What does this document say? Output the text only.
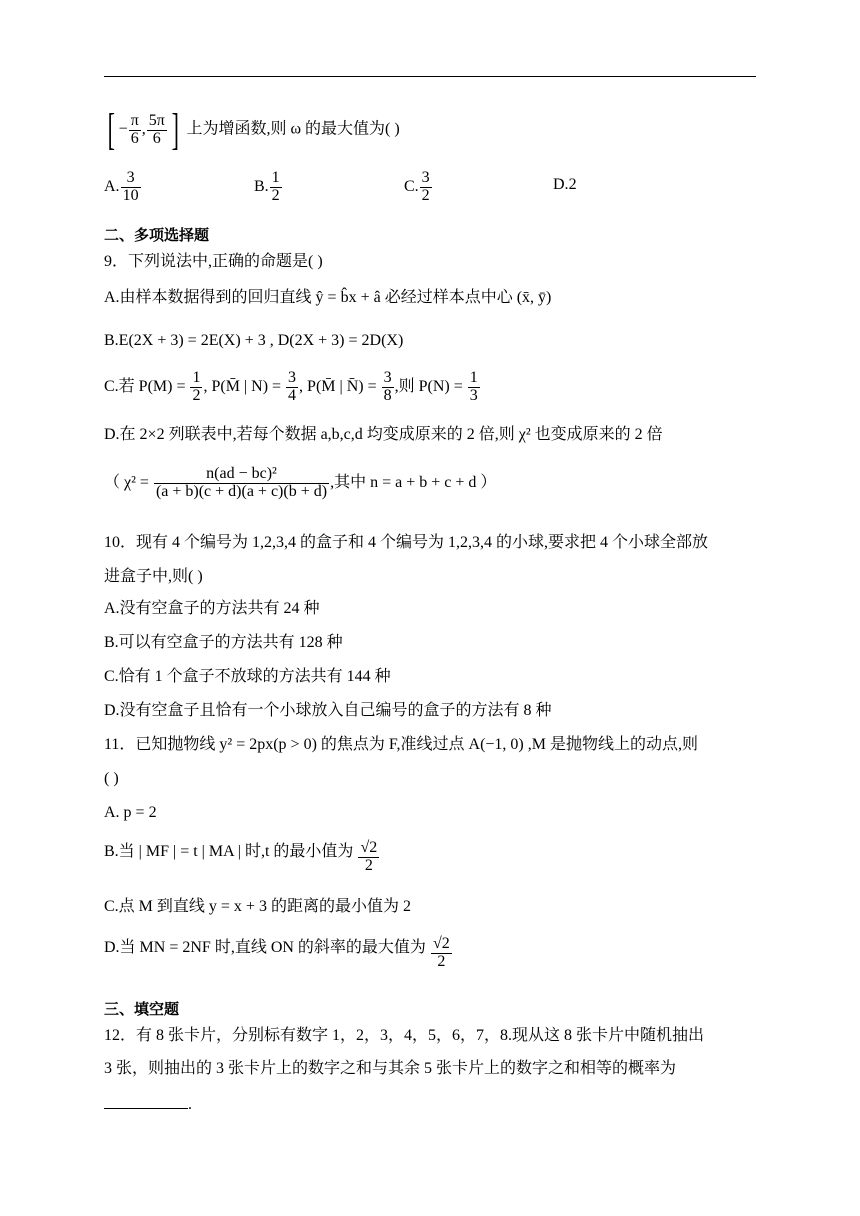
[ − $\frac{\pi}{6}$ , $\frac{5\pi}{6}$ ] 上为增函数,则 ω 的最大值为( )
A. $\frac{3}{10}$	B. $\frac{1}{2}$	C. $\frac{3}{2}$	D.2
二、多项选择题
9．下列说法中,正确的命题是( )
A.由样本数据得到的回归直线 ŷ = b̂x + â 必经过样本点中心 (x̄, ȳ)
B.E(2X + 3) = 2E(X) + 3 , D(2X + 3) = 2D(X)
C.若 $P(M) = \frac{1}{2}$ , P(M̄ | $N) = \frac{3}{4}$ , P(M̄ | N̄) = $\frac{3}{8}$ ,则 $P(N) = \frac{1}{3}$
D.在 2×2 列联表中,若每个数据 a,b,c,d 均变成原来的 2 倍,则 χ² 也变成原来的 2 倍
（ $\chi^2 = \frac{\text{n(ad − bc)²}}{(a + b)(c + d)(a + c)(b + d)}$ ,其中 n = a + b + c + d ）
10．现有 4 个编号为 1,2,3,4 的盒子和 4 个编号为 1,2,3,4 的小球,要求把 4 个小球全部放
进盒子中,则( )
A.没有空盒子的方法共有 24 种
B.可以有空盒子的方法共有 128 种
C.恰有 1 个盒子不放球的方法共有 144 种
D.没有空盒子且恰有一个小球放入自己编号的盒子的方法有 8 种
11．已知抛物线 y² = 2px(p > 0) 的焦点为 F,准线过点 A(−1, 0) ,M 是抛物线上的动点,则
( )
A. p = 2
B.当 | MF | = t | MA | 时,t 的最小值为 $\frac{√2}{2}$
C.点 M 到直线 y = x + 3 的距离的最小值为 2
D.当 MN = 2NF 时,直线 ON 的斜率的最大值为 $\frac{√2}{2}$
三、填空题
12．有 8 张卡片，分别标有数字 1，2，3，4，5，6，7，8.现从这 8 张卡片中随机抽出
3 张，则抽出的 3 张卡片上的数字之和与其余 5 张卡片上的数字之和相等的概率为
.
